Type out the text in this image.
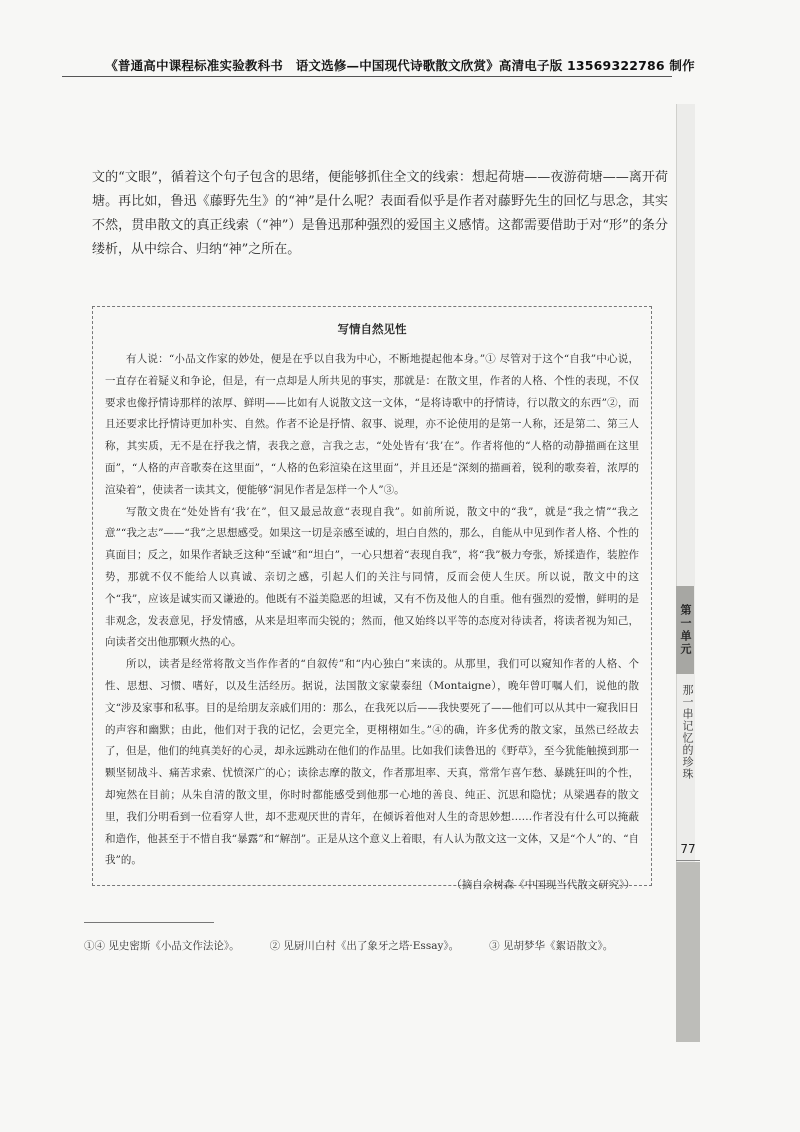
《普通高中课程标准实验教科书　语文选修—中国现代诗歌散文欣赏》高清电子版 13569322786 制作
第一单元
那一串记忆的珍珠
77

文的“文眼”，循着这个句子包含的思绪，便能够抓住全文的线索：想起荷塘——夜游荷塘——离开荷塘。再比如，鲁迅《藤野先生》的“神”是什么呢？表面看似乎是作者对藤野先生的回忆与思念，其实不然，贯串散文的真正线索（“神”）是鲁迅那种强烈的爱国主义感情。这都需要借助于对“形”的条分缕析，从中综合、归纳“神”之所在。

写情自然见性

有人说：“小品文作家的妙处，便是在乎以自我为中心，不断地提起他本身。”① 尽管对于这个“自我”中心说，一直存在着疑义和争论，但是，有一点却是人所共见的事实，那就是：在散文里，作者的人格、个性的表现，不仅要求也像抒情诗那样的浓厚、鲜明——比如有人说散文这一文体，“是将诗歌中的抒情诗，行以散文的东西”②，而且还要求比抒情诗更加朴实、自然。作者不论是抒情、叙事、说理，亦不论使用的是第一人称，还是第二、第三人称，其实质，无不是在抒我之情，表我之意，言我之志，“处处皆有‘我’在”。作者将他的“人格的动静描画在这里面”，“人格的声音歌奏在这里面”，“人格的色彩渲染在这里面”，并且还是“深刻的描画着，锐利的歌奏着，浓厚的渲染着”，使读者一读其文，便能够“洞见作者是怎样一个人”③。

写散文贵在“处处皆有‘我’在”，但又最忌故意“表现自我”。如前所说，散文中的“我”，就是“我之情”“我之意”“我之志”——“我”之思想感受。如果这一切是亲感至诚的，坦白自然的，那么，自能从中见到作者人格、个性的真面目；反之，如果作者缺乏这种“至诚”和“坦白”，一心只想着“表现自我”，将“我”极力夸张，矫揉造作，装腔作势，那就不仅不能给人以真诚、亲切之感，引起人们的关注与同情，反而会使人生厌。所以说，散文中的这个“我”，应该是诚实而又谦逊的。他既有不溢美隐恶的坦诚，又有不伤及他人的自重。他有强烈的爱憎，鲜明的是非观念，发表意见，抒发情感，从来是坦率而尖锐的；然而，他又始终以平等的态度对待读者，将读者视为知己，向读者交出他那颗火热的心。

所以，读者是经常将散文当作作者的“自叙传”和“内心独白”来读的。从那里，我们可以窥知作者的人格、个性、思想、习惯、嗜好，以及生活经历。据说，法国散文家蒙泰纽（Montaigne），晚年曾叮嘱人们，说他的散文“涉及家事和私事。目的是给朋友亲戚们用的：那么，在我死以后——我快要死了——他们可以从其中一窥我旧日的声容和幽默；由此，他们对于我的记忆，会更完全，更栩栩如生。”④的确，许多优秀的散文家，虽然已经故去了，但是，他们的纯真美好的心灵，却永远跳动在他们的作品里。比如我们读鲁迅的《野草》，至今犹能触摸到那一颗坚韧战斗、痛苦求索、忧愤深广的心；读徐志摩的散文，作者那坦率、天真，常常乍喜乍愁、暴跳狂叫的个性，却宛然在目前；从朱自清的散文里，你时时都能感受到他那一心地的善良、纯正、沉思和隐忧；从梁遇春的散文里，我们分明看到一位看穿人世，却不悲观厌世的青年，在倾诉着他对人生的奇思妙想……作者没有什么可以掩蔽和造作，他甚至于不惜自我“暴露”和“解剖”。正是从这个意义上着眼，有人认为散文这一文体，又是“个人”的、“自我”的。

（摘自佘树森《中国现当代散文研究》）
①④ 见史密斯《小品文作法论》。	② 见厨川白村《出了象牙之塔·Essay》。	③ 见胡梦华《絮语散文》。
